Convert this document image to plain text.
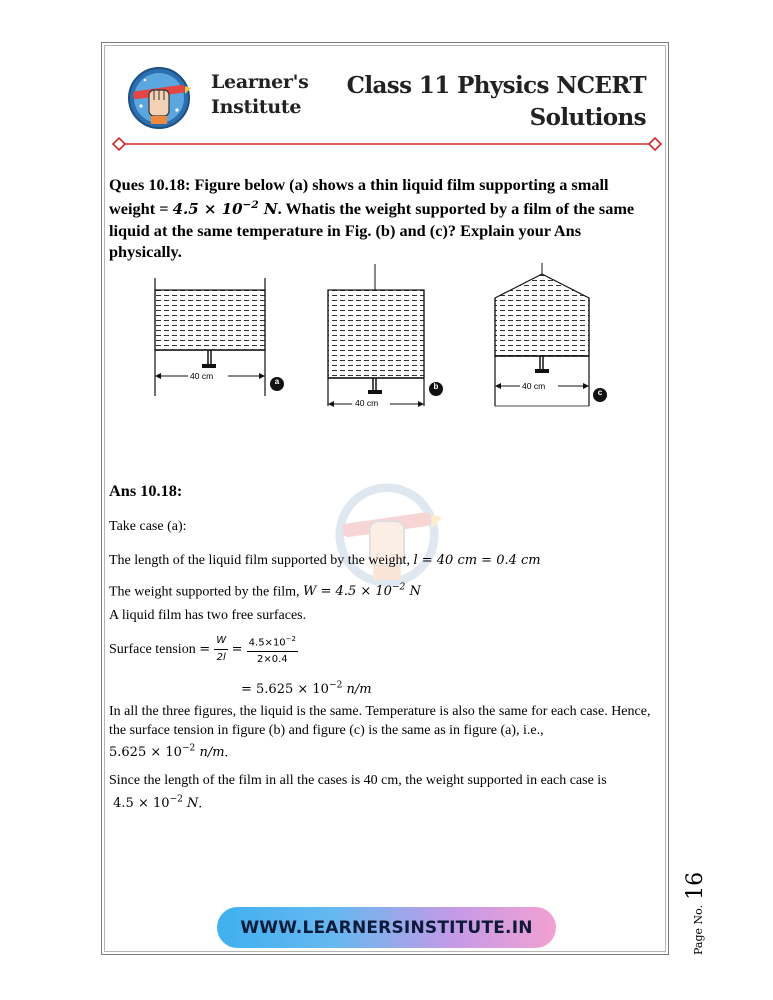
Learner's
Institute
Class 11 Physics NCERT
Solutions
Ques 10.18: Figure below (a) shows a thin liquid film supporting a small weight = $4.5 \times 10^{-2}$ N. Whatis the weight supported by a film of the same liquid at the same temperature in Fig. (b) and (c)? Explain your Ans physically.
40 cm
40 cm
40 cm
a
b
c
Ans 10.18:
Take case (a):
The length of the liquid film supported by the weight, l = 40 cm = 0.4 cm
The weight supported by the film, $W = 4.5 \times 10^{-2}$ N
A liquid film has two free surfaces.
Surface tension = $\frac{W}{2l} = \frac{4.5\times 10^{-2}}{2\times 0.4}$
= $5.625 \times 10^{-2}$ n/m
In all the three figures, the liquid is the same. Temperature is also the same for each case. Hence, the surface tension in figure (b) and figure (c) is the same as in figure (a), i.e.,
$5.625 \times 10^{-2}$ n/m.
Since the length of the film in all the cases is 40 cm, the weight supported in each case is
$4.5 \times 10^{-2}$ N.
WWW.LEARNERSINSTITUTE.IN	Page No. 16
